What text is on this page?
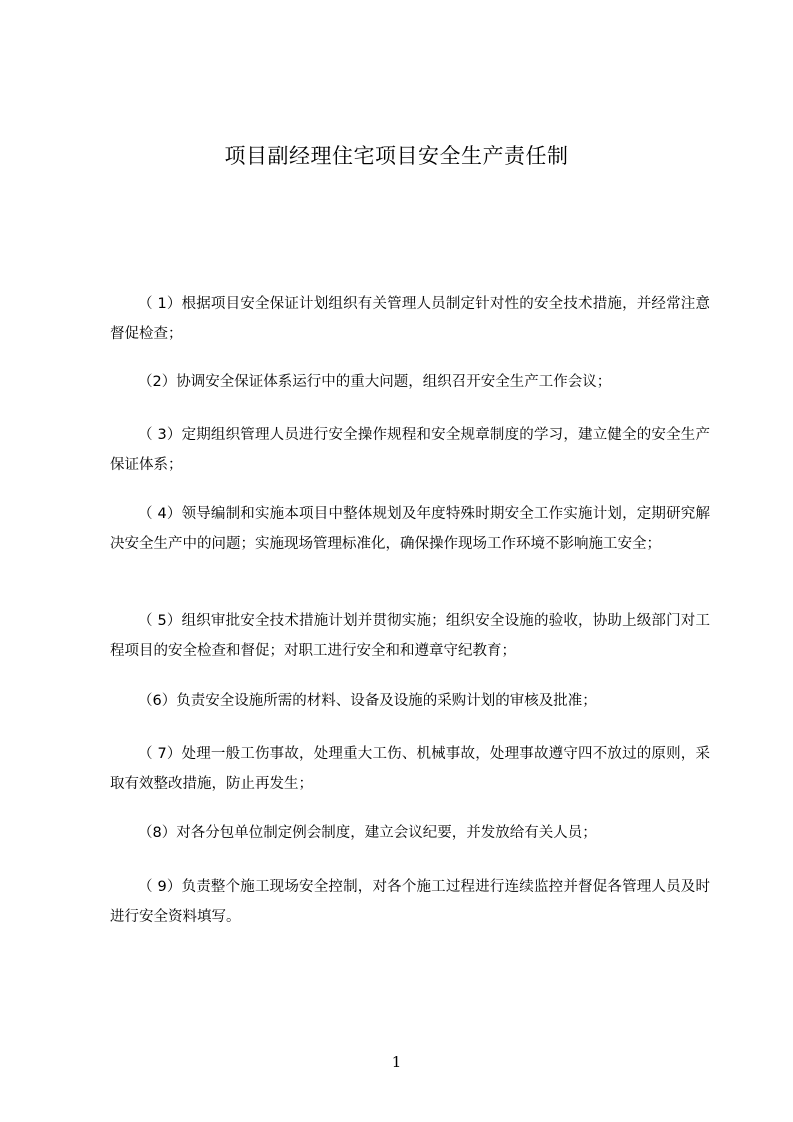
项目副经理住宅项目安全生产责任制

（ 1）根据项目安全保证计划组织有关管理人员制定针对性的安全技术措施，并经常注意督促检查；

（2）协调安全保证体系运行中的重大问题，组织召开安全生产工作会议；

（ 3）定期组织管理人员进行安全操作规程和安全规章制度的学习，建立健全的安全生产保证体系；

（ 4）领导编制和实施本项目中整体规划及年度特殊时期安全工作实施计划，定期研究解决安全生产中的问题；实施现场管理标准化，确保操作现场工作环境不影响施工安全；

（ 5）组织审批安全技术措施计划并贯彻实施；组织安全设施的验收，协助上级部门对工程项目的安全检查和督促；对职工进行安全和和遵章守纪教育；

（6）负责安全设施所需的材料、设备及设施的采购计划的审核及批准；

（ 7）处理一般工伤事故，处理重大工伤、机械事故，处理事故遵守四不放过的原则，采取有效整改措施，防止再发生；

（8）对各分包单位制定例会制度，建立会议纪要，并发放给有关人员；

（ 9）负责整个施工现场安全控制，对各个施工过程进行连续监控并督促各管理人员及时进行安全资料填写。

1
